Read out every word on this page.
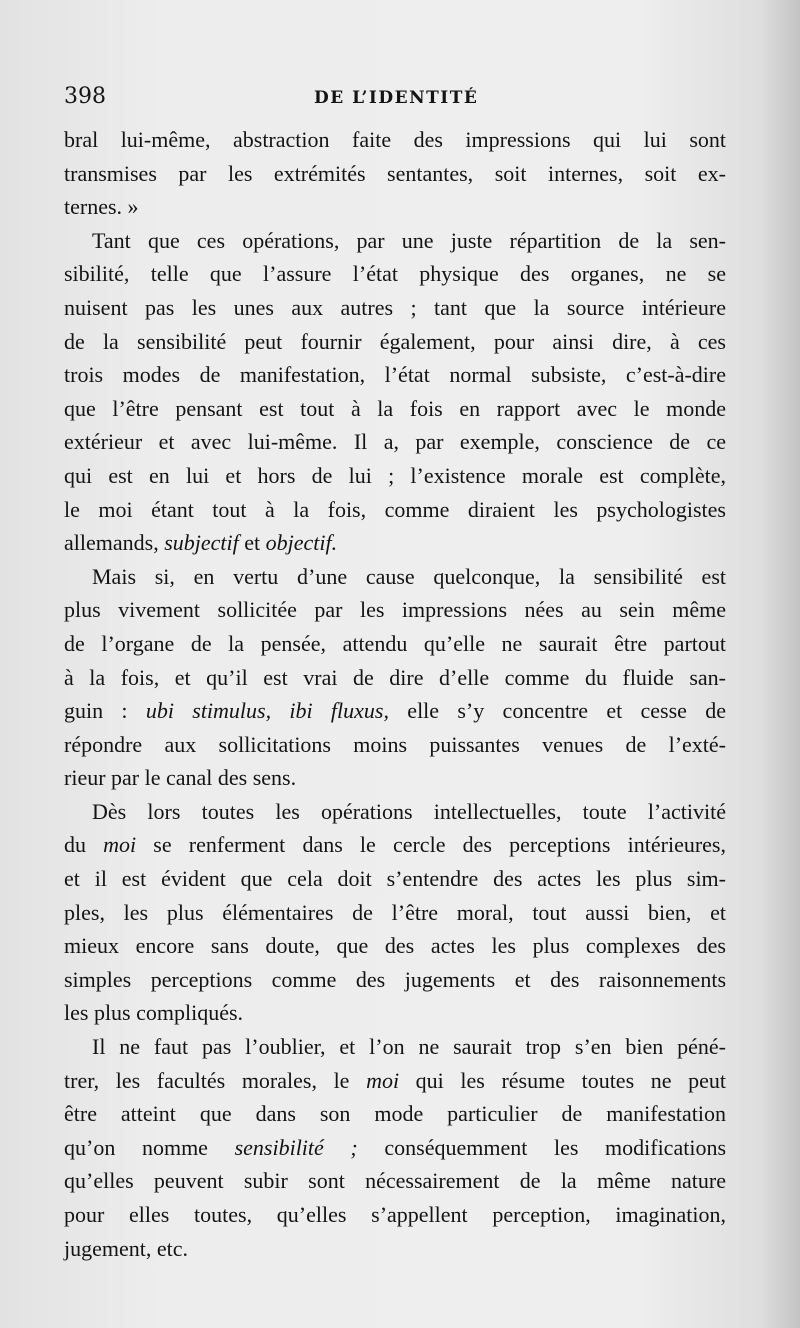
398	DE L’IDENTITÉ
bral lui-même, abstraction faite des impressions qui lui sont
transmises par les extrémités sentantes, soit internes, soit ex-
ternes. »
Tant que ces opérations, par une juste répartition de la sen-
sibilité, telle que l’assure l’état physique des organes, ne se
nuisent pas les unes aux autres ; tant que la source intérieure
de la sensibilité peut fournir également, pour ainsi dire, à ces
trois modes de manifestation, l’état normal subsiste, c’est-à-dire
que l’être pensant est tout à la fois en rapport avec le monde
extérieur et avec lui-même. Il a, par exemple, conscience de ce
qui est en lui et hors de lui ; l’existence morale est complète,
le moi étant tout à la fois, comme diraient les psychologistes
allemands, subjectif et objectif.
Mais si, en vertu d’une cause quelconque, la sensibilité est
plus vivement sollicitée par les impressions nées au sein même
de l’organe de la pensée, attendu qu’elle ne saurait être partout
à la fois, et qu’il est vrai de dire d’elle comme du fluide san-
guin : ubi stimulus, ibi fluxus, elle s’y concentre et cesse de
répondre aux sollicitations moins puissantes venues de l’exté-
rieur par le canal des sens.
Dès lors toutes les opérations intellectuelles, toute l’activité
du moi se renferment dans le cercle des perceptions intérieures,
et il est évident que cela doit s’entendre des actes les plus sim-
ples, les plus élémentaires de l’être moral, tout aussi bien, et
mieux encore sans doute, que des actes les plus complexes des
simples perceptions comme des jugements et des raisonnements
les plus compliqués.
Il ne faut pas l’oublier, et l’on ne saurait trop s’en bien péné-
trer, les facultés morales, le moi qui les résume toutes ne peut
être atteint que dans son mode particulier de manifestation
qu’on nomme sensibilité ; conséquemment les modifications
qu’elles peuvent subir sont nécessairement de la même nature
pour elles toutes, qu’elles s’appellent perception, imagination,
jugement, etc.
